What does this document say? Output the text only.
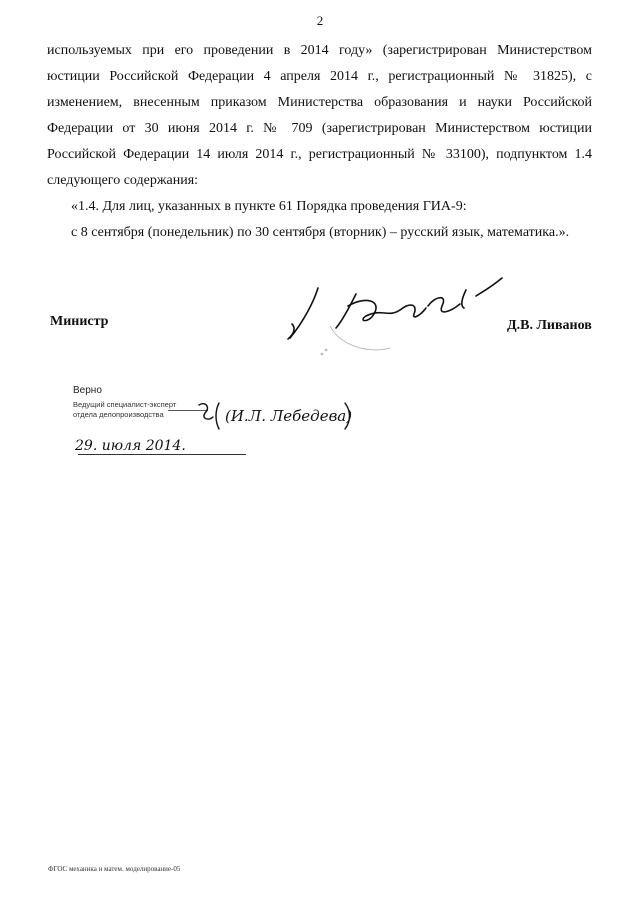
2

используемых при его проведении в 2014 году» (зарегистрирован Министерством юстиции Российской Федерации 4 апреля 2014 г., регистрационный № 31825), с изменением, внесенным приказом Министерства образования и науки Российской Федерации от 30 июня 2014 г. № 709 (зарегистрирован Министерством юстиции Российской Федерации 14 июля 2014 г., регистрационный № 33100), подпунктом 1.4 следующего содержания:

«1.4. Для лиц, указанных в пункте 61 Порядка проведения ГИА-9:

с 8 сентября (понедельник) по 30 сентября (вторник) – русский язык, математика.».

Министр	Д.В. Ливанов
Верно
Ведущий специалист-эксперт
отдела делопроизводства	(И.Л. Лебедева)
29. июля 2014.
ФГОС механика и матем. моделирование-05
